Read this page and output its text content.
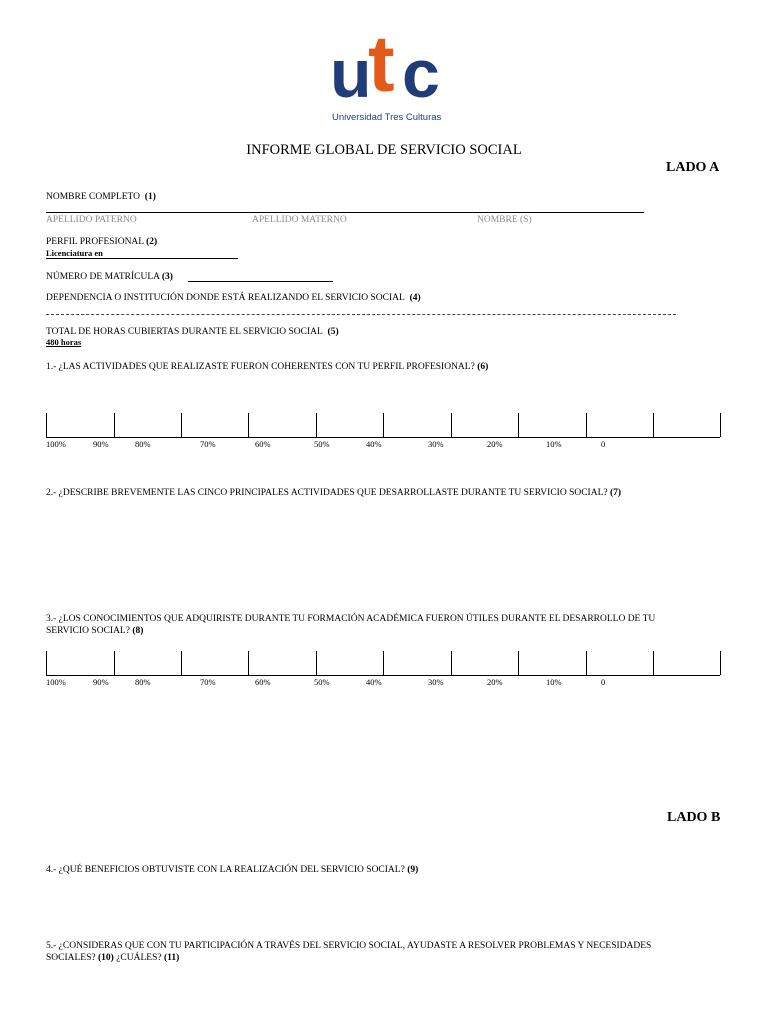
u t c
Universidad Tres Culturas
INFORME GLOBAL DE SERVICIO SOCIAL
LADO A
NOMBRE COMPLETO (1)
APELLIDO PATERNO	APELLIDO MATERNO	NOMBRE (S)
PERFIL PROFESIONAL (2)
Licenciatura en
NÚMERO DE MATRÍCULA (3)
DEPENDENCIA O INSTITUCIÓN DONDE ESTÁ REALIZANDO EL SERVICIO SOCIAL (4)
TOTAL DE HORAS CUBIERTAS DURANTE EL SERVICIO SOCIAL (5)
480 horas
1.- ¿LAS ACTIVIDADES QUE REALIZASTE FUERON COHERENTES CON TU PERFIL PROFESIONAL? (6)
100%	90%	80%	70%	60%	50%	40%	30%	20%	10%	0
2.- ¿DESCRIBE BREVEMENTE LAS CINCO PRINCIPALES ACTIVIDADES QUE DESARROLLASTE DURANTE TU SERVICIO SOCIAL? (7)
3.- ¿LOS CONOCIMIENTOS QUE ADQUIRISTE DURANTE TU FORMACIÓN ACADÉMICA FUERON ÚTILES DURANTE EL DESARROLLO DE TU
SERVICIO SOCIAL? (8)
100%	90%	80%	70%	60%	50%	40%	30%	20%	10%	0
LADO B
4.- ¿QUÉ BENEFICIOS OBTUVISTE CON LA REALIZACIÓN DEL SERVICIO SOCIAL? (9)
5.- ¿CONSIDERAS QUE CON TU PARTICIPACIÓN A TRAVÉS DEL SERVICIO SOCIAL, AYUDASTE A RESOLVER PROBLEMAS Y NECESIDADES
SOCIALES? (10) ¿CUÁLES? (11)
